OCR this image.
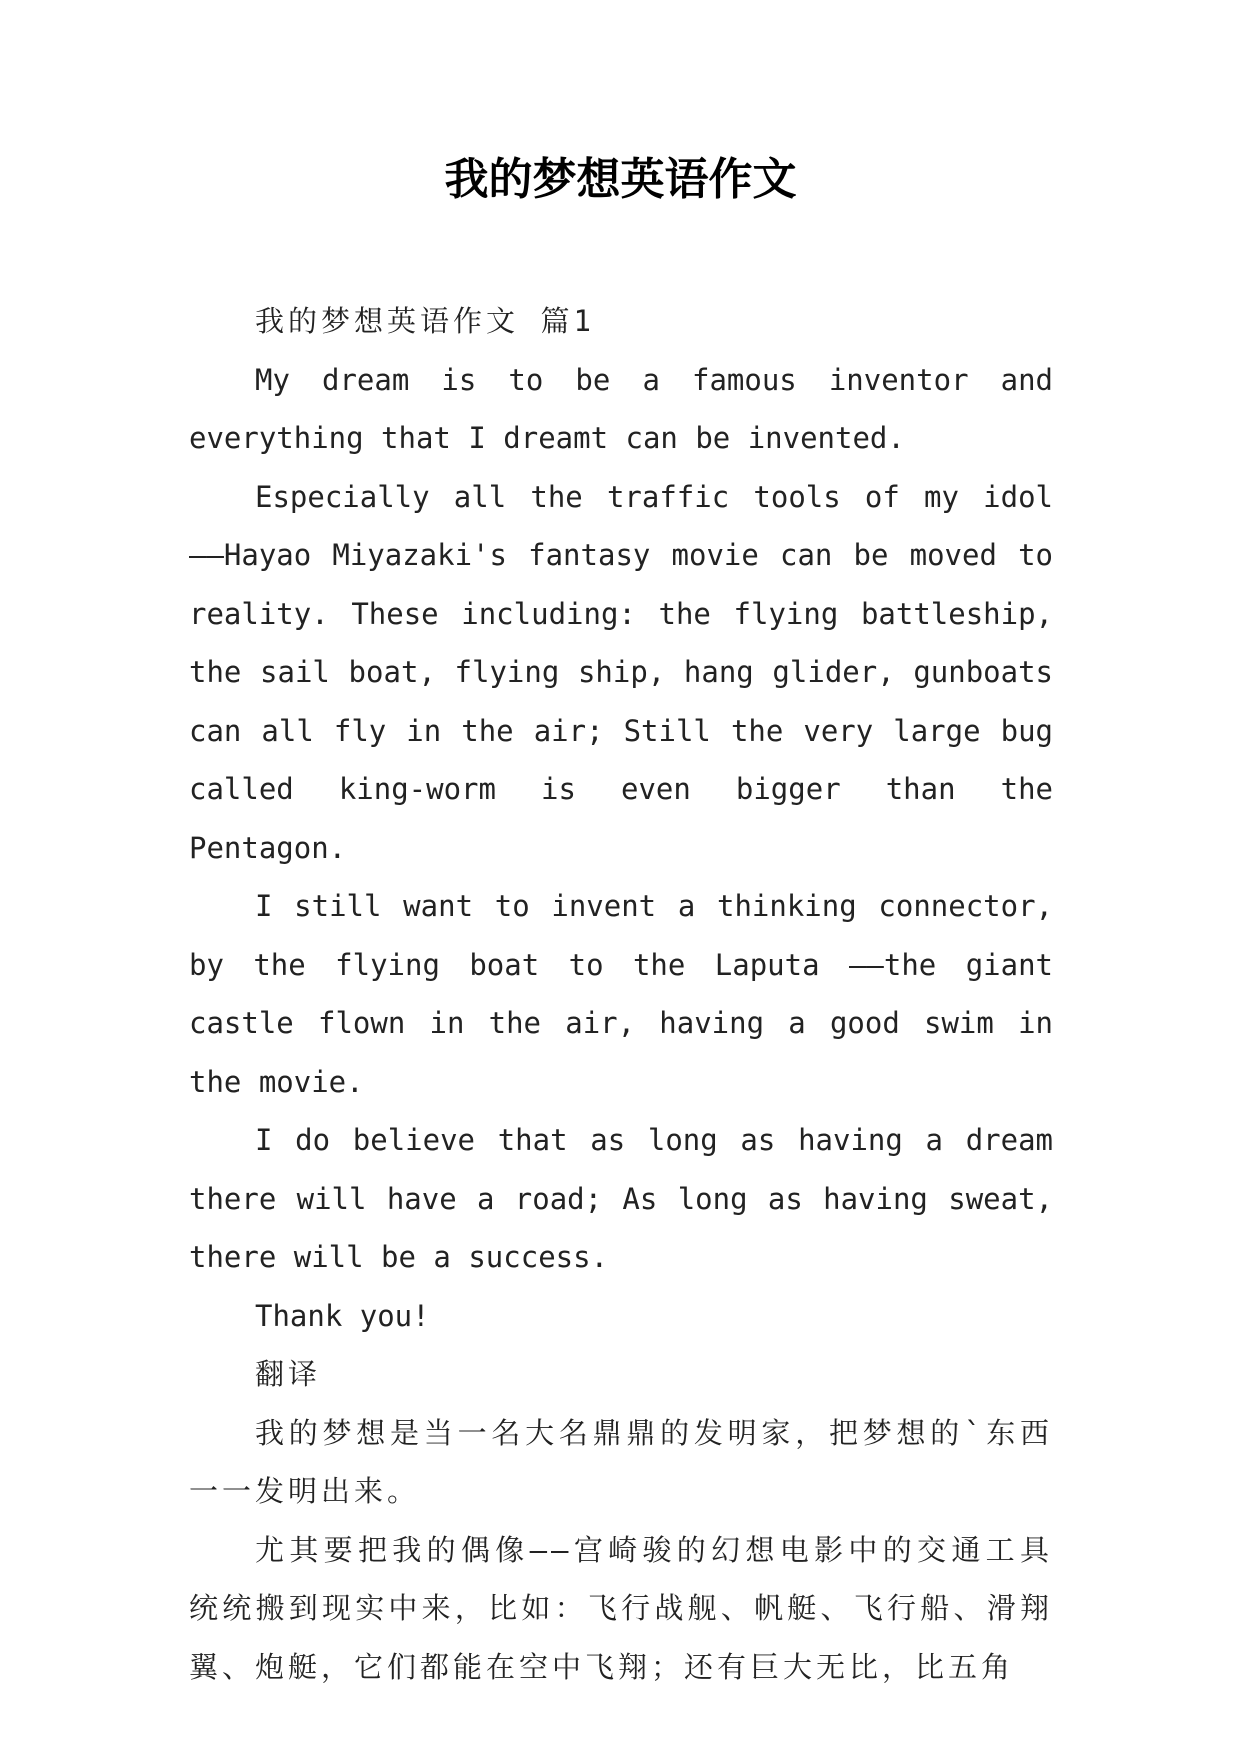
我的梦想英语作文

我的梦想英语作文 篇1

My dream is to be a famous inventor and everything that I dreamt can be invented.

Especially all the traffic tools of my idol ——Hayao Miyazaki's fantasy movie can be moved to reality. These including: the flying battleship, the sail boat, flying ship, hang glider, gunboats can all fly in the air; Still the very large bug called king-worm is even bigger than the Pentagon.

I still want to invent a thinking connector, by the flying boat to the Laputa ——the giant castle flown in the air, having a good swim in the movie.

I do believe that as long as having a dream there will have a road; As long as having sweat, there will be a success.

Thank you!

翻译

我的梦想是当一名大名鼎鼎的发明家，把梦想的`东西一一发明出来。

尤其要把我的偶像——宫崎骏的幻想电影中的交通工具统统搬到现实中来，比如：飞行战舰、帆艇、飞行船、滑翔翼、炮艇，它们都能在空中飞翔；还有巨大无比，比五角
